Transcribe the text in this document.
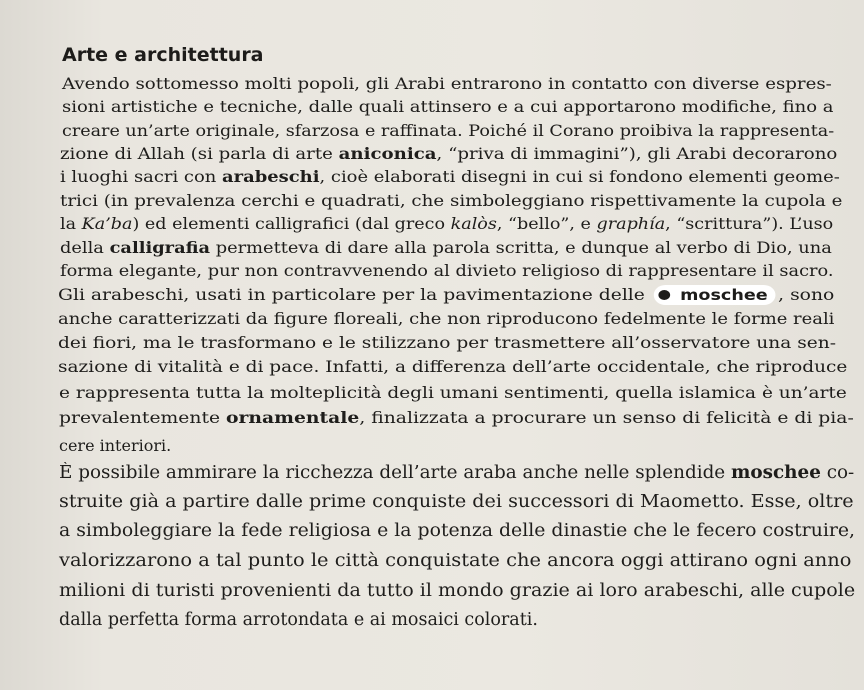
Arte e architettura
Avendo sottomesso molti popoli, gli Arabi entrarono in contatto con diverse espres-
sioni artistiche e tecniche, dalle quali attinsero e a cui apportarono modifiche, fino a
creare un’arte originale, sfarzosa e raffinata. Poiché il Corano proibiva la rappresenta-
zione di Allah (si parla di arte aniconica, “priva di immagini”), gli Arabi decorarono
i luoghi sacri con arabeschi, cioè elaborati disegni in cui si fondono elementi geome-
trici (in prevalenza cerchi e quadrati, che simboleggiano rispettivamente la cupola e
la Ka’ba) ed elementi calligrafici (dal greco kalòs, “bello”, e graphía, “scrittura”). L’uso
della calligrafia permetteva di dare alla parola scritta, e dunque al verbo di Dio, una
forma elegante, pur non contravvenendo al divieto religioso di rappresentare il sacro.
Gli arabeschi, usati in particolare per la pavimentazione delle moschee , sono
anche caratterizzati da figure floreali, che non riproducono fedelmente le forme reali
dei fiori, ma le trasformano e le stilizzano per trasmettere all’osservatore una sen-
sazione di vitalità e di pace. Infatti, a differenza dell’arte occidentale, che riproduce
e rappresenta tutta la molteplicità degli umani sentimenti, quella islamica è un’arte
prevalentemente ornamentale, finalizzata a procurare un senso di felicità e di pia-
cere interiori.
È possibile ammirare la ricchezza dell’arte araba anche nelle splendide moschee co-
struite già a partire dalle prime conquiste dei successori di Maometto. Esse, oltre
a simboleggiare la fede religiosa e la potenza delle dinastie che le fecero costruire,
valorizzarono a tal punto le città conquistate che ancora oggi attirano ogni anno
milioni di turisti provenienti da tutto il mondo grazie ai loro arabeschi, alle cupole
dalla perfetta forma arrotondata e ai mosaici colorati.
